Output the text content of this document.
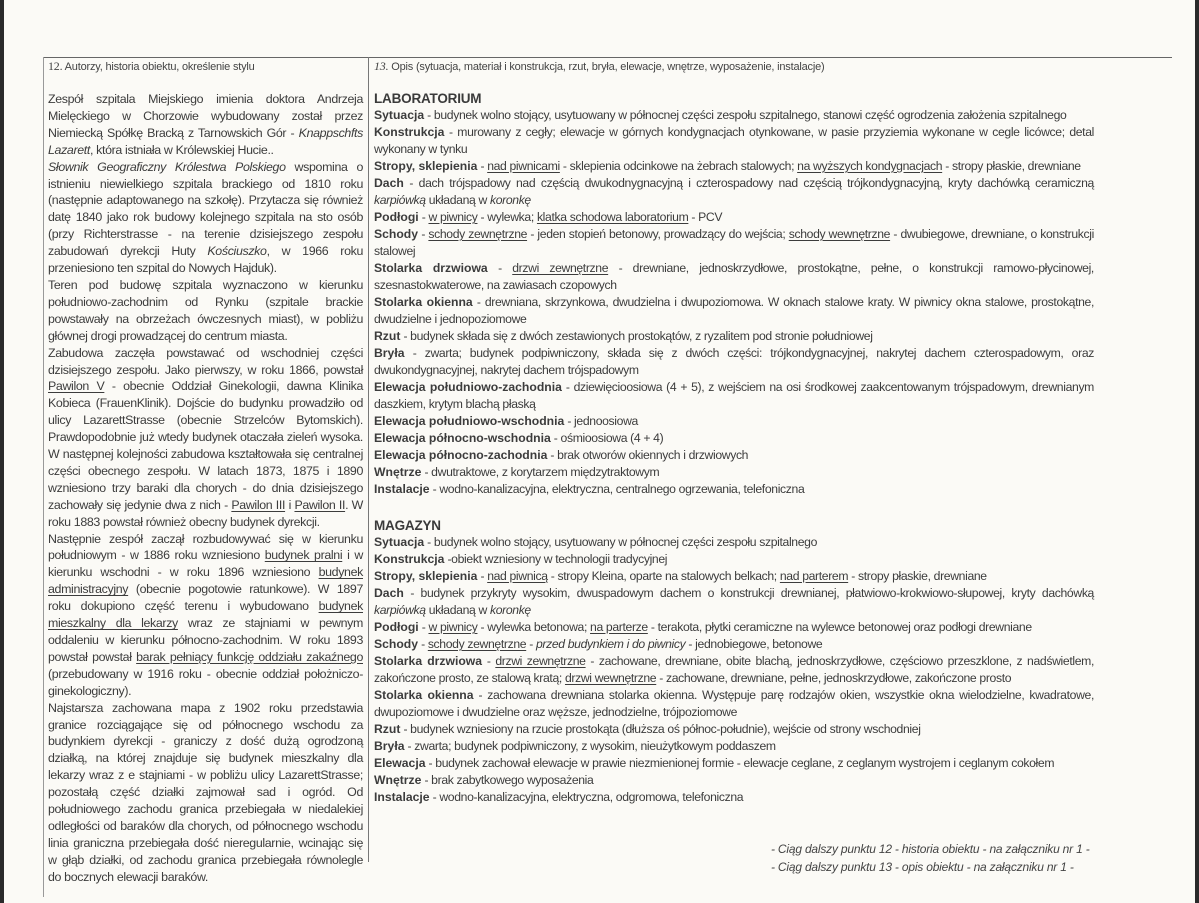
12. Autorzy, historia obiektu, określenie stylu

Zespół szpitala Miejskiego imienia doktora Andrzeja Mielęckiego w Chorzowie wybudowany został przez Niemiecką Spółkę Bracką z Tarnowskich Gór - Knappschfts Lazarett, która istniała w Królewskiej Hucie..

Słownik Geograficzny Królestwa Polskiego wspomina o istnieniu niewielkiego szpitala brackiego od 1810 roku (następnie adaptowanego na szkołę). Przytacza się również datę 1840 jako rok budowy kolejnego szpitala na sto osób (przy Richterstrasse - na terenie dzisiejszego zespołu zabudowań dyrekcji Huty Kościuszko, w 1966 roku przeniesiono ten szpital do Nowych Hajduk).

Teren pod budowę szpitala wyznaczono w kierunku południowo-zachodnim od Rynku (szpitale brackie powstawały na obrzeżach ówczesnych miast), w pobliżu głównej drogi prowadzącej do centrum miasta.

Zabudowa zaczęła powstawać od wschodniej części dzisiejszego zespołu. Jako pierwszy, w roku 1866, powstał Pawilon V - obecnie Oddział Ginekologii, dawna Klinika Kobieca (FrauenKlinik). Dojście do budynku prowadziło od ulicy LazarettStrasse (obecnie Strzelców Bytomskich). Prawdopodobnie już wtedy budynek otaczała zieleń wysoka. W następnej kolejności zabudowa kształtowała się centralnej części obecnego zespołu. W latach 1873, 1875 i 1890 wzniesiono trzy baraki dla chorych - do dnia dzisiejszego zachowały się jedynie dwa z nich - Pawilon III i Pawilon II. W roku 1883 powstał również obecny budynek dyrekcji.

Następnie zespół zaczął rozbudowywać się w kierunku południowym - w 1886 roku wzniesiono budynek pralni i w kierunku wschodni - w roku 1896 wzniesiono budynek administracyjny (obecnie pogotowie ratunkowe). W 1897 roku dokupiono część terenu i wybudowano budynek mieszkalny dla lekarzy wraz ze stajniami w pewnym oddaleniu w kierunku północno-zachodnim. W roku 1893 powstał powstał barak pełniący funkcję oddziału zakaźnego (przebudowany w 1916 roku - obecnie oddział położniczo-ginekologiczny).

Najstarsza zachowana mapa z 1902 roku przedstawia granice rozciągające się od północnego wschodu za budynkiem dyrekcji - graniczy z dość dużą ogrodzoną działką, na której znajduje się budynek mieszkalny dla lekarzy wraz z e stajniami - w pobliżu ulicy LazarettStrasse; pozostałą część działki zajmował sad i ogród. Od południowego zachodu granica przebiegała w niedalekiej odległości od baraków dla chorych, od północnego wschodu linia graniczna przebiegała dość nieregularnie, wcinając się w głąb działki, od zachodu granica przebiegała równolegle do bocznych elewacji baraków.

13. Opis (sytuacja, materiał i konstrukcja, rzut, bryła, elewacje, wnętrze, wyposażenie, instalacje)
LABORATORIUM

Sytuacja - budynek wolno stojący, usytuowany w północnej części zespołu szpitalnego, stanowi część ogrodzenia założenia szpitalnego

Konstrukcja - murowany z cegły; elewacje w górnych kondygnacjach otynkowane, w pasie przyziemia wykonane w cegle licówce; detal wykonany w tynku

Stropy, sklepienia - nad piwnicami - sklepienia odcinkowe na żebrach stalowych; na wyższych kondygnacjach - stropy płaskie, drewniane

Dach - dach trójspadowy nad częścią dwukodnygnacyjną i czterospadowy nad częścią trójkondygnacyjną, kryty dachówką ceramiczną karpiówką układaną w koronkę

Podłogi - w piwnicy - wylewka; klatka schodowa laboratorium - PCV

Schody - schody zewnętrzne - jeden stopień betonowy, prowadzący do wejścia; schody wewnętrzne - dwubiegowe, drewniane, o konstrukcji stalowej

Stolarka drzwiowa - drzwi zewnętrzne - drewniane, jednoskrzydłowe, prostokątne, pełne, o konstrukcji ramowo-płycinowej, szesnastokwaterowe, na zawiasach czopowych

Stolarka okienna - drewniana, skrzynkowa, dwudzielna i dwupoziomowa. W oknach stalowe kraty. W piwnicy okna stalowe, prostokątne, dwudzielne i jednopoziomowe

Rzut - budynek składa się z dwóch zestawionych prostokątów, z ryzalitem pod stronie południowej

Bryła - zwarta; budynek podpiwniczony, składa się z dwóch części: trójkondygnacyjnej, nakrytej dachem czterospadowym, oraz dwukondygnacyjnej, nakrytej dachem trójspadowym

Elewacja południowo-zachodnia - dziewięcioosiowa (4 + 5), z wejściem na osi środkowej zaakcentowanym trójspadowym, drewnianym daszkiem, krytym blachą płaską

Elewacja południowo-wschodnia - jednoosiowa

Elewacja północno-wschodnia - ośmioosiowa (4 + 4)

Elewacja północno-zachodnia - brak otworów okiennych i drzwiowych

Wnętrze - dwutraktowe, z korytarzem międzytraktowym

Instalacje - wodno-kanalizacyjna, elektryczna, centralnego ogrzewania, telefoniczna

MAGAZYN

Sytuacja - budynek wolno stojący, usytuowany w północnej części zespołu szpitalnego

Konstrukcja -obiekt wzniesiony w technologii tradycyjnej

Stropy, sklepienia - nad piwnicą - stropy Kleina, oparte na stalowych belkach; nad parterem - stropy płaskie, drewniane

Dach - budynek przykryty wysokim, dwuspadowym dachem o konstrukcji drewnianej, płatwiowo-krokwiowo-słupowej, kryty dachówką karpiówką układaną w koronkę

Podłogi - w piwnicy - wylewka betonowa; na parterze - terakota, płytki ceramiczne na wylewce betonowej oraz podłogi drewniane

Schody - schody zewnętrzne - przed budynkiem i do piwnicy - jednobiegowe, betonowe

Stolarka drzwiowa - drzwi zewnętrzne - zachowane, drewniane, obite blachą, jednoskrzydłowe, częściowo przeszklone, z nadświetlem, zakończone prosto, ze stalową kratą; drzwi wewnętrzne - zachowane, drewniane, pełne, jednoskrzydłowe, zakończone prosto

Stolarka okienna - zachowana drewniana stolarka okienna. Występuje parę rodzajów okien, wszystkie okna wielodzielne, kwadratowe, dwupoziomowe i dwudzielne oraz węższe, jednodzielne, trójpoziomowe

Rzut - budynek wzniesiony na rzucie prostokąta (dłuższa oś północ-południe), wejście od strony wschodniej

Bryła - zwarta; budynek podpiwniczony, z wysokim, nieużytkowym poddaszem

Elewacja - budynek zachował elewacje w prawie niezmienionej formie - elewacje ceglane, z ceglanym wystrojem i ceglanym cokołem

Wnętrze - brak zabytkowego wyposażenia

Instalacje - wodno-kanalizacyjna, elektryczna, odgromowa, telefoniczna

- Ciąg dalszy punktu 12 - historia obiektu - na załączniku nr 1 -
- Ciąg dalszy punktu 13 - opis obiektu - na załączniku nr 1 -
